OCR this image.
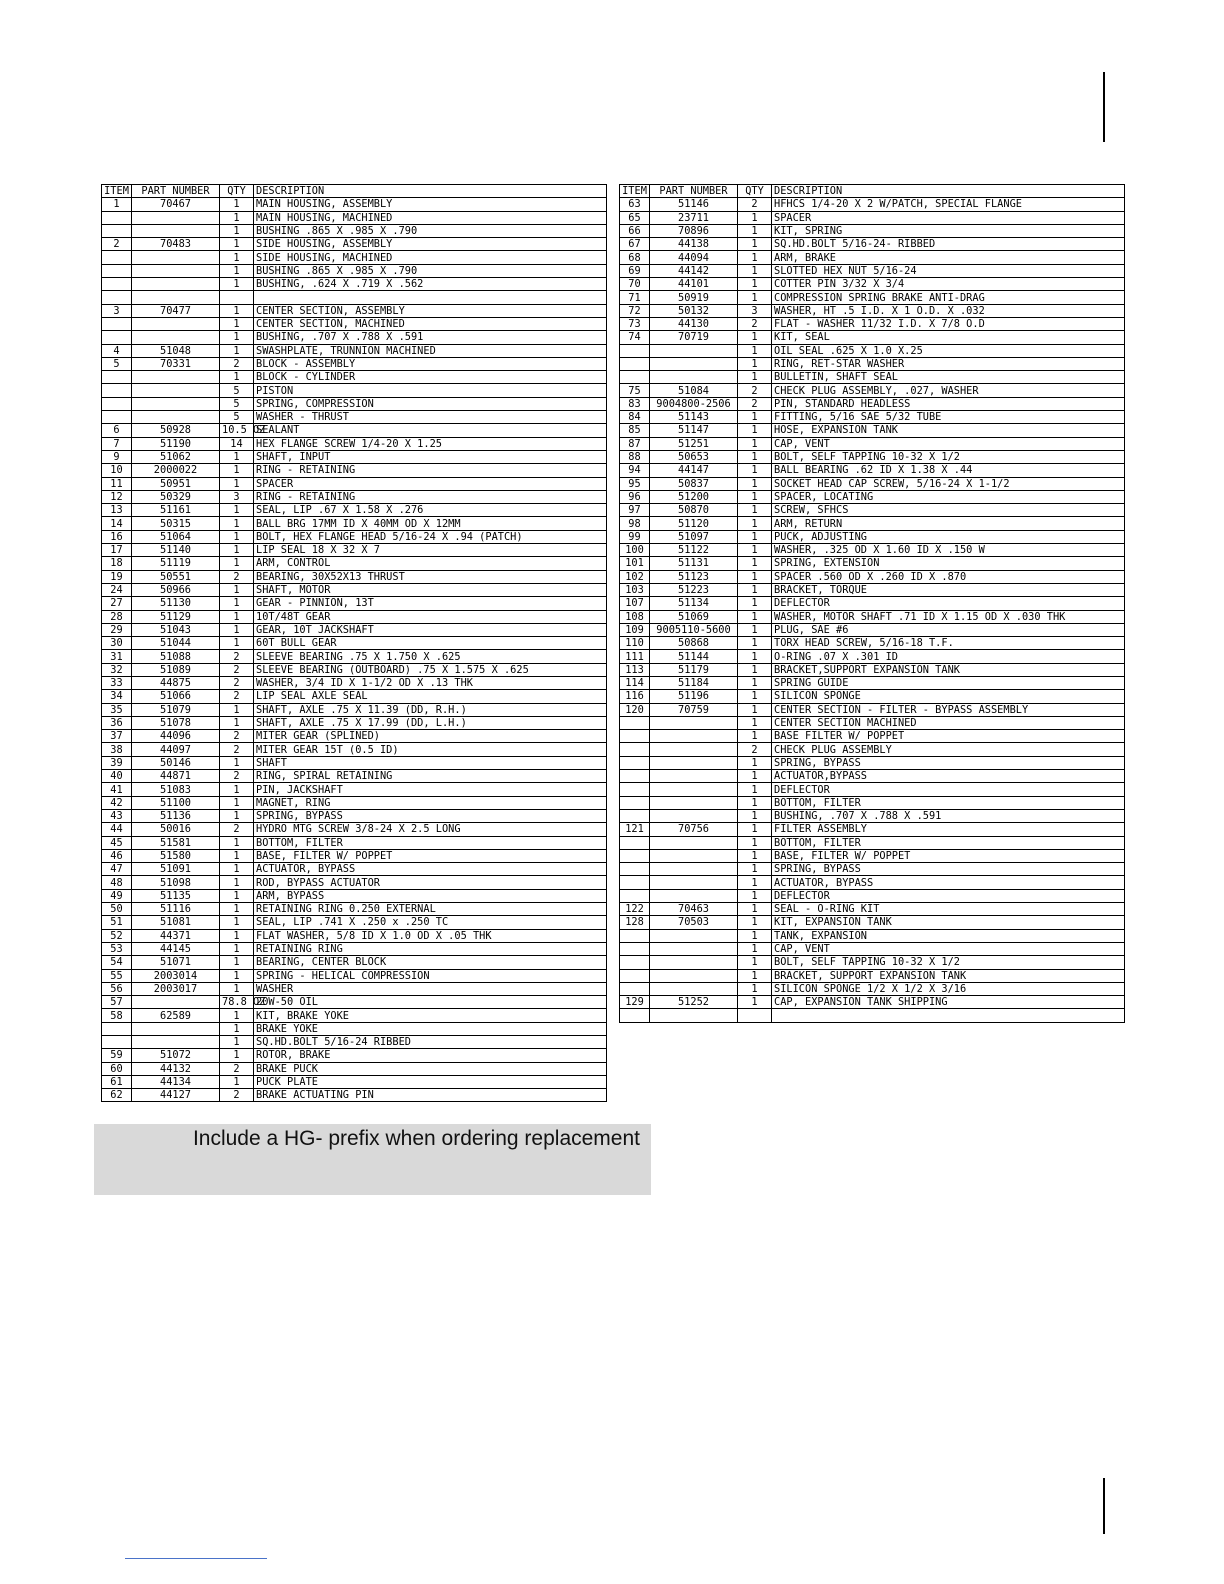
ITEM	PART NUMBER	QTY	DESCRIPTION
1	70467	1	MAIN HOUSING, ASSEMBLY
		1	MAIN HOUSING, MACHINED
		1	BUSHING .865 X .985 X .790
2	70483	1	SIDE HOUSING, ASSEMBLY
		1	SIDE HOUSING, MACHINED
		1	BUSHING .865 X .985 X .790
		1	BUSHING, .624 X .719 X .562

3	70477	1	CENTER SECTION, ASSEMBLY
		1	CENTER SECTION, MACHINED
		1	BUSHING, .707 X .788 X .591
4	51048	1	SWASHPLATE, TRUNNION MACHINED
5	70331	2	BLOCK - ASSEMBLY
		1	BLOCK - CYLINDER
		5	PISTON
		5	SPRING, COMPRESSION
		5	WASHER - THRUST
6	50928	10.5 OZ	SEALANT
7	51190	14	HEX FLANGE SCREW 1/4-20 X 1.25
9	51062	1	SHAFT, INPUT
10	2000022	1	RING - RETAINING
11	50951	1	SPACER
12	50329	3	RING - RETAINING
13	51161	1	SEAL, LIP .67 X 1.58 X .276
14	50315	1	BALL BRG 17MM ID X 40MM OD X 12MM
16	51064	1	BOLT, HEX FLANGE HEAD 5/16-24 X .94 (PATCH)
17	51140	1	LIP SEAL 18 X 32 X 7
18	51119	1	ARM, CONTROL
19	50551	2	BEARING, 30X52X13 THRUST
24	50966	1	SHAFT, MOTOR
27	51130	1	GEAR - PINNION, 13T
28	51129	1	10T/48T GEAR
29	51043	1	GEAR, 10T JACKSHAFT
30	51044	1	60T BULL GEAR
31	51088	2	SLEEVE BEARING .75 X 1.750 X .625
32	51089	2	SLEEVE BEARING (OUTBOARD) .75 X 1.575 X .625
33	44875	2	WASHER, 3/4 ID X 1-1/2 OD X .13 THK
34	51066	2	LIP SEAL AXLE SEAL
35	51079	1	SHAFT, AXLE .75 X 11.39 (DD, R.H.)
36	51078	1	SHAFT, AXLE .75 X 17.99 (DD, L.H.)
37	44096	2	MITER GEAR (SPLINED)
38	44097	2	MITER GEAR 15T (0.5 ID)
39	50146	1	SHAFT
40	44871	2	RING, SPIRAL RETAINING
41	51083	1	PIN, JACKSHAFT
42	51100	1	MAGNET, RING
43	51136	1	SPRING, BYPASS
44	50016	2	HYDRO MTG SCREW 3/8-24 X 2.5 LONG
45	51581	1	BOTTOM, FILTER
46	51580	1	BASE, FILTER W/ POPPET
47	51091	1	ACTUATOR, BYPASS
48	51098	1	ROD, BYPASS ACTUATOR
49	51135	1	ARM, BYPASS
50	51116	1	RETAINING RING 0.250 EXTERNAL
51	51081	1	SEAL, LIP .741 X .250 x .250 TC
52	44371	1	FLAT WASHER, 5/8 ID X 1.0 OD X .05 THK
53	44145	1	RETAINING RING
54	51071	1	BEARING, CENTER BLOCK
55	2003014	1	SPRING - HELICAL COMPRESSION
56	2003017	1	WASHER
57		78.8 OZ	20W-50 OIL
58	62589	1	KIT, BRAKE YOKE
		1	BRAKE YOKE
		1	SQ.HD.BOLT 5/16-24 RIBBED
59	51072	1	ROTOR, BRAKE
60	44132	2	BRAKE PUCK
61	44134	1	PUCK PLATE
62	44127	2	BRAKE ACTUATING PIN
ITEM	PART NUMBER	QTY	DESCRIPTION
63	51146	2	HFHCS 1/4-20 X 2 W/PATCH, SPECIAL FLANGE
65	23711	1	SPACER
66	70896	1	KIT, SPRING
67	44138	1	SQ.HD.BOLT 5/16-24- RIBBED
68	44094	1	ARM, BRAKE
69	44142	1	SLOTTED HEX NUT 5/16-24
70	44101	1	COTTER PIN 3/32 X 3/4
71	50919	1	COMPRESSION SPRING BRAKE ANTI-DRAG
72	50132	3	WASHER, HT .5 I.D. X 1 O.D. X .032
73	44130	2	FLAT - WASHER 11/32 I.D. X 7/8 O.D
74	70719	1	KIT, SEAL
		1	OIL SEAL .625 X 1.0 X.25
		1	RING, RET-STAR WASHER
		1	BULLETIN, SHAFT SEAL
75	51084	2	CHECK PLUG ASSEMBLY, .027, WASHER
83	9004800-2506	2	PIN, STANDARD HEADLESS
84	51143	1	FITTING, 5/16 SAE 5/32 TUBE
85	51147	1	HOSE, EXPANSION TANK
87	51251	1	CAP, VENT
88	50653	1	BOLT, SELF TAPPING 10-32 X 1/2
94	44147	1	BALL BEARING .62 ID X 1.38 X .44
95	50837	1	SOCKET HEAD CAP SCREW, 5/16-24 X 1-1/2
96	51200	1	SPACER, LOCATING
97	50870	1	SCREW, SFHCS
98	51120	1	ARM, RETURN
99	51097	1	PUCK, ADJUSTING
100	51122	1	WASHER, .325 OD X 1.60 ID X .150 W
101	51131	1	SPRING, EXTENSION
102	51123	1	SPACER .560 OD X .260 ID X .870
103	51223	1	BRACKET, TORQUE
107	51134	1	DEFLECTOR
108	51069	1	WASHER, MOTOR SHAFT .71 ID X 1.15 OD X .030 THK
109	9005110-5600	1	PLUG, SAE #6
110	50868	1	TORX HEAD SCREW, 5/16-18 T.F.
111	51144	1	O-RING .07 X .301 ID
113	51179	1	BRACKET,SUPPORT EXPANSION TANK
114	51184	1	SPRING GUIDE
116	51196	1	SILICON SPONGE
120	70759	1	CENTER SECTION - FILTER - BYPASS ASSEMBLY
		1	CENTER SECTION MACHINED
		1	BASE FILTER W/ POPPET
		2	CHECK PLUG ASSEMBLY
		1	SPRING, BYPASS
		1	ACTUATOR,BYPASS
		1	DEFLECTOR
		1	BOTTOM, FILTER
		1	BUSHING, .707 X .788 X .591
121	70756	1	FILTER ASSEMBLY
		1	BOTTOM, FILTER
		1	BASE, FILTER W/ POPPET
		1	SPRING, BYPASS
		1	ACTUATOR, BYPASS
		1	DEFLECTOR
122	70463	1	SEAL - O-RING KIT
128	70503	1	KIT, EXPANSION TANK
		1	TANK, EXPANSION
		1	CAP, VENT
		1	BOLT, SELF TAPPING 10-32 X 1/2
		1	BRACKET, SUPPORT EXPANSION TANK
		1	SILICON SPONGE 1/2 X 1/2 X 3/16
129	51252	1	CAP, EXPANSION TANK SHIPPING

Include a HG- prefix when ordering replacement
